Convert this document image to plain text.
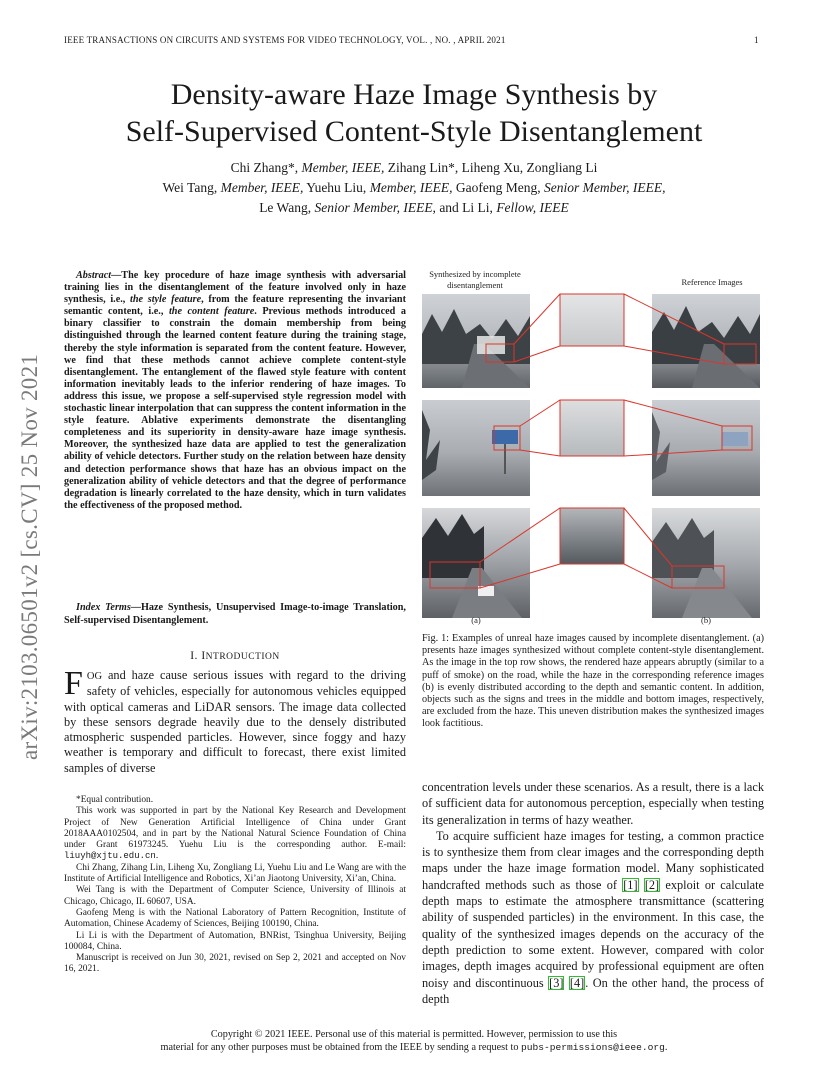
IEEE TRANSACTIONS ON CIRCUITS AND SYSTEMS FOR VIDEO TECHNOLOGY, VOL. , NO. , APRIL 2021	1
Density-aware Haze Image Synthesis by
Self-Supervised Content-Style Disentanglement
Chi Zhang*, Member, IEEE, Zihang Lin*, Liheng Xu, Zongliang Li
Wei Tang, Member, IEEE, Yuehu Liu, Member, IEEE, Gaofeng Meng, Senior Member, IEEE,
Le Wang, Senior Member, IEEE, and Li Li, Fellow, IEEE
arXiv:2103.06501v2 [cs.CV] 25 Nov 2021
Abstract—The key procedure of haze image synthesis with adversarial training lies in the disentanglement of the feature involved only in haze synthesis, i.e., the style feature, from the feature representing the invariant semantic content, i.e., the content feature. Previous methods introduced a binary classifier to constrain the domain membership from being distinguished through the learned content feature during the training stage, thereby the style information is separated from the content feature. However, we find that these methods cannot achieve complete content-style disentanglement. The entanglement of the flawed style feature with content information inevitably leads to the inferior rendering of haze images. To address this issue, we propose a self-supervised style regression model with stochastic linear interpolation that can suppress the content information in the style feature. Ablative experiments demonstrate the disentangling completeness and its superiority in density-aware haze image synthesis. Moreover, the synthesized haze data are applied to test the generalization ability of vehicle detectors. Further study on the relation between haze density and detection performance shows that haze has an obvious impact on the generalization ability of vehicle detectors and that the degree of performance degradation is linearly correlated to the haze density, which in turn validates the effectiveness of the proposed method.
Index Terms—Haze Synthesis, Unsupervised Image-to-image Translation, Self-supervised Disentanglement.
I. INTRODUCTION
FOG and haze cause serious issues with regard to the driving safety of vehicles, especially for autonomous vehicles equipped with optical cameras and LiDAR sensors. The image data collected by these sensors degrade heavily due to the densely distributed atmospheric suspended particles. However, since foggy and hazy weather is temporary and difficult to forecast, there exist limited samples of diverse

*Equal contribution.

This work was supported in part by the National Key Research and Development Project of New Generation Artificial Intelligence of China under Grant 2018AAA0102504, and in part by the National Natural Science Foundation of China under Grant 61973245. Yuehu Liu is the corresponding author. E-mail: liuyh@xjtu.edu.cn.

Chi Zhang, Zihang Lin, Liheng Xu, Zongliang Li, Yuehu Liu and Le Wang are with the Institute of Artificial Intelligence and Robotics, Xi’an Jiaotong University, Xi’an, China.

Wei Tang is with the Department of Computer Science, University of Illinois at Chicago, Chicago, IL 60607, USA.

Gaofeng Meng is with the National Laboratory of Pattern Recognition, Institute of Automation, Chinese Academy of Sciences, Beijing 100190, China.

Li Li is with the Department of Automation, BNRist, Tsinghua University, Beijing 100084, China.

Manuscript is received on Jun 30, 2021, revised on Sep 2, 2021 and accepted on Nov 16, 2021.

Synthesized by incomplete disentanglement	Reference Images
(a)	(b)
Fig. 1: Examples of unreal haze images caused by incomplete disentanglement. (a) presents haze images synthesized without complete content-style disentanglement. As the image in the top row shows, the rendered haze appears abruptly (similar to a puff of smoke) on the road, while the haze in the corresponding reference images (b) is evenly distributed according to the depth and semantic content. In addition, objects such as the signs and trees in the middle and bottom images, respectively, are excluded from the haze. This uneven distribution makes the synthesized images look factitious.

concentration levels under these scenarios. As a result, there is a lack of sufficient data for autonomous perception, especially when testing its generalization in terms of hazy weather.

To acquire sufficient haze images for testing, a common practice is to synthesize them from clear images and the corresponding depth maps under the haze image formation model. Many sophisticated handcrafted methods such as those of [1] [2] exploit or calculate depth maps to estimate the atmosphere transmittance (scattering ability of suspended particles) in the environment. In this case, the quality of the synthesized images depends on the accuracy of the depth prediction to some extent. However, compared with color images, depth images acquired by professional equipment are often noisy and discontinuous [3] [4]. On the other hand, the process of depth

Copyright © 2021 IEEE. Personal use of this material is permitted. However, permission to use this
material for any other purposes must be obtained from the IEEE by sending a request to pubs-permissions@ieee.org.
